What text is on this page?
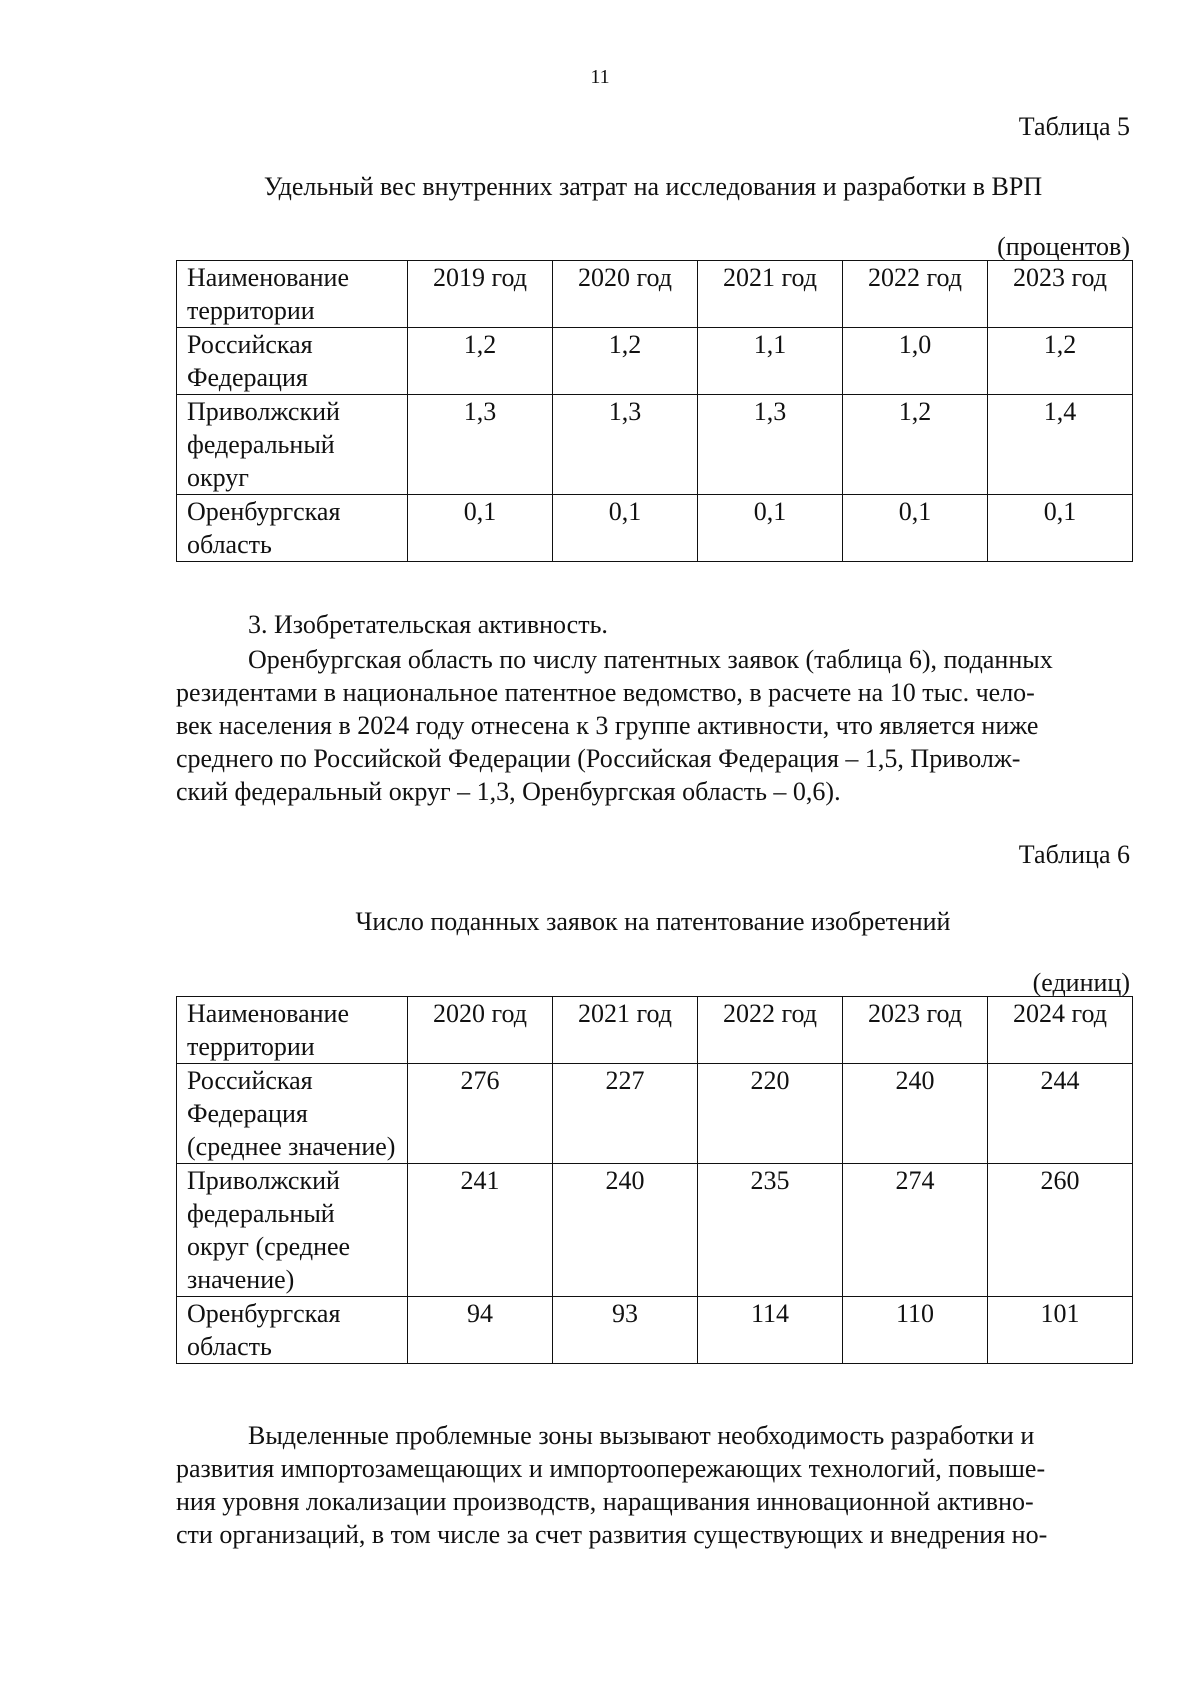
11
Таблица 5
Удельный вес внутренних затрат на исследования и разработки в ВРП
(процентов)
Наименование территории	2019 год	2020 год	2021 год	2022 год	2023 год
Российская Федерация	1,2	1,2	1,1	1,0	1,2
Приволжский федеральный округ	1,3	1,3	1,3	1,2	1,4
Оренбургская область	0,1	0,1	0,1	0,1	0,1
3. Изобретательская активность.
Оренбургская область по числу патентных заявок (таблица 6), поданных
резидентами в национальное патентное ведомство, в расчете на 10 тыс. чело-
век населения в 2024 году отнесена к 3 группе активности, что является ниже
среднего по Российской Федерации (Российская Федерация – 1,5, Приволж-
ский федеральный округ – 1,3, Оренбургская область – 0,6).
Таблица 6
Число поданных заявок на патентование изобретений
(единиц)
Наименование территории	2020 год	2021 год	2022 год	2023 год	2024 год
Российская Федерация (среднее значение)	276	227	220	240	244
Приволжский федеральный округ (среднее значение)	241	240	235	274	260
Оренбургская область	94	93	114	110	101
Выделенные проблемные зоны вызывают необходимость разработки и
развития импортозамещающих и импортоопережающих технологий, повыше-
ния уровня локализации производств, наращивания инновационной активно-
сти организаций, в том числе за счет развития существующих и внедрения но-
